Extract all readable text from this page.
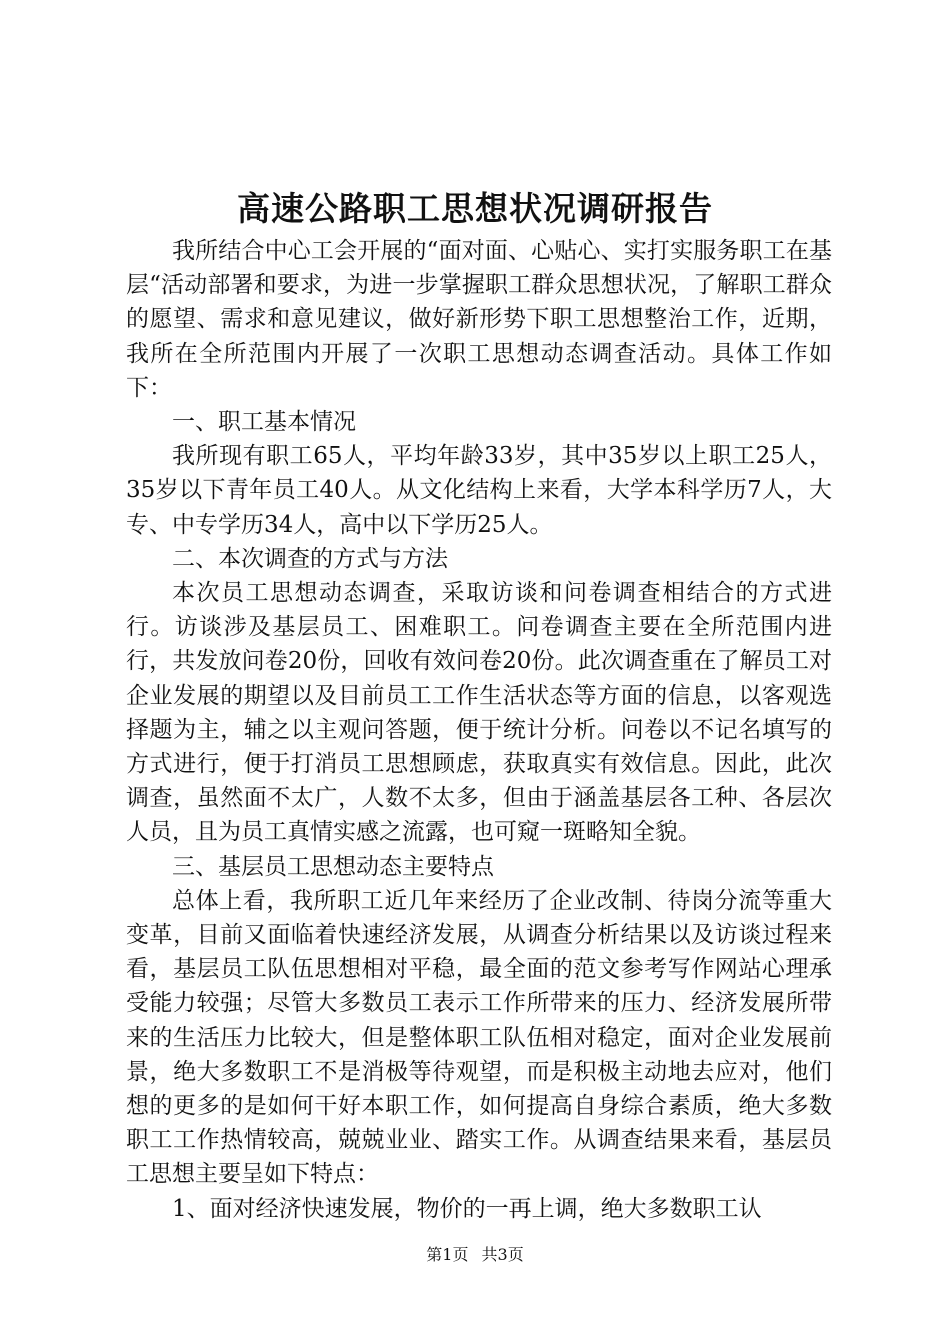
高速公路职工思想状况调研报告

我所结合中心工会开展的“面对面、心贴心、实打实服务职工在基层“活动部署和要求，为进一步掌握职工群众思想状况，了解职工群众的愿望、需求和意见建议，做好新形势下职工思想整治工作，近期，我所在全所范围内开展了一次职工思想动态调查活动。具体工作如下：

一、职工基本情况

我所现有职工65人，平均年龄33岁，其中35岁以上职工25人，35岁以下青年员工40人。从文化结构上来看，大学本科学历7人，大专、中专学历34人，高中以下学历25人。

二、本次调查的方式与方法

本次员工思想动态调查，采取访谈和问卷调查相结合的方式进行。访谈涉及基层员工、困难职工。问卷调查主要在全所范围内进行，共发放问卷20份，回收有效问卷20份。此次调查重在了解员工对企业发展的期望以及目前员工工作生活状态等方面的信息，以客观选择题为主，辅之以主观问答题，便于统计分析。问卷以不记名填写的方式进行，便于打消员工思想顾虑，获取真实有效信息。因此，此次调查，虽然面不太广，人数不太多，但由于涵盖基层各工种、各层次人员，且为员工真情实感之流露，也可窥一斑略知全貌。

三、基层员工思想动态主要特点

总体上看，我所职工近几年来经历了企业改制、待岗分流等重大变革，目前又面临着快速经济发展，从调查分析结果以及访谈过程来看，基层员工队伍思想相对平稳，最全面的范文参考写作网站心理承受能力较强；尽管大多数员工表示工作所带来的压力、经济发展所带来的生活压力比较大，但是整体职工队伍相对稳定，面对企业发展前景，绝大多数职工不是消极等待观望，而是积极主动地去应对，他们想的更多的是如何干好本职工作，如何提高自身综合素质，绝大多数职工工作热情较高，兢兢业业、踏实工作。从调查结果来看，基层员工思想主要呈如下特点：

1、面对经济快速发展，物价的一再上调，绝大多数职工认

第1页 共3页
